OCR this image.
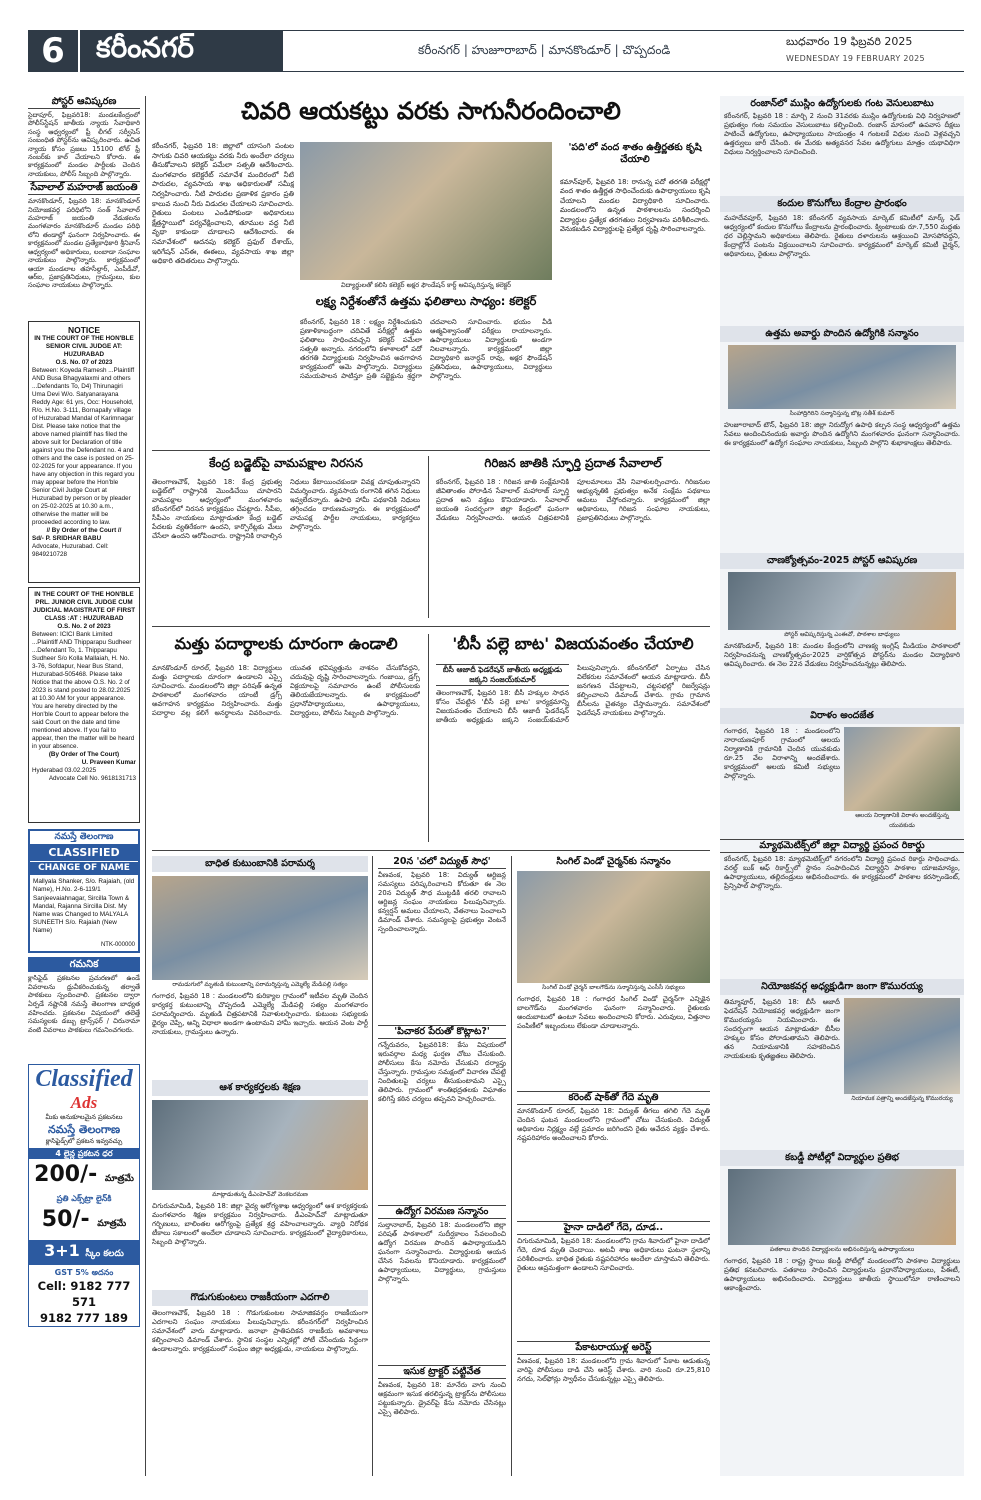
6	కరీంనగర్	కరీంనగర్ | హుజూరాబాద్ | మానకొండూర్ | చొప్పదండి
బుధవారం 19 ఫిబ్రవరి 2025
WEDNESDAY 19 FEBRUARY 2025
పోస్టర్ ఆవిష్కరణ
సైదాపూర్, ఫిబ్రవరి18: మండలకేంద్రంలో పోలీస్‌స్టేషన్ జాతీయ న్యాయ సేవాధికారి సంస్థ ఆధ్వర్యంలో ఫ్రీ లీగల్ సర్వీసెస్ సంబంధిత పోస్టర్‌ను ఆవిష్కరించారు. ఉచిత న్యాయ కోసం ప్రజలు 15100 టోల్ ఫ్రీ నంబర్‌కు కాల్ చేయాలని కోరారు. ఈ కార్యక్రమంలో మండల పార్టీలకు చెందిన నాయకులు, పోలీస్ సిబ్బంది పాల్గొన్నారు.
సేవాలాల్ మహరాజ్ జయంతి
మానకొండూర్, ఫిబ్రవరి 18: మానకొండూర్ నియోజకవర్గ పరిధిలోని సంత్ సేవాలాల్ మహరాజ్ జయంతి వేడుకలను మంగళవారం మానకొండూర్ మండల పరిధి లోని తండాల్లో ఘనంగా నిర్వహించారు. ఈ కార్యక్రమంలో మండల ప్రత్యేకాధికారి శ్రీనివాస్ ఆధ్వర్యంలో అధికారులు, లంబాడా సంఘాల నాయకులు పాల్గొన్నారు. కార్యక్రమంలో ఆయా మండలాల తహసీల్దార్, ఎంపీడీవో, ఆర్‌ఐ, ప్రజాప్రతినిధులు, గ్రామస్తులు, కుల సంఘాల నాయకులు పాల్గొన్నారు.
NOTICE
IN THE COURT OF THE HON'BLE SENIOR CIVIL JUDGE AT: HUZURABAD
O.S. No. 07 of 2023
Between: Koyeda Ramesh ...Plaintiff AND Busa Bhagyalaxmi and others ...Defendants To, D4) Thirunagiri Uma Devi W/o. Satyanarayana Reddy Age: 61 yrs, Occ: Household, R/o. H.No. 3-111, Bornapally village of Huzurabad Mandal of Karimnagar Dist. Please take notice that the above named plaintiff has filed the above suit for Declaration of title against you the Defendant no. 4 and others and the case is posted on 25-02-2025 for your appearance. If you have any objection in this regard you may appear before the Hon'ble Senior Civil Judge Court at Huzurabad by person or by pleader on 25-02-2025 at 10.30 a.m., otherwise the matter will be proceeded according to law.
// By Order of the Court //
Sd/- P. SRIDHAR BABU
Advocate, Huzurabad. Cell: 9849210728
IN THE COURT OF THE HON'BLE PRL. JUNIOR CIVIL JUDGE CUM JUDICIAL MAGISTRATE OF FIRST CLASS :AT : HUZURABAD
O.S. No. 2 of 2023
Between: ICICI Bank Limited ...Plaintiff AND Thipparapu Sudheer ...Defendant To, 1. Thipparapu Sudheer S/o Kolla Mallaiah, H. No. 3-76, Sofdapur, Near Bus Stand, Huzurabad-505468. Please take Notice that the above O.S. No. 2 of 2023 is stand posted to 28.02.2025 at 10.30 AM for your appearance. You are hereby directed by the Hon'ble Court to appear before the said Court on the date and time mentioned above. If you fail to appear, then the matter will be heard in your absence.
(By Order of The Court)
U. Praveen Kumar
Hyderabad 03.02.2025
Advocate Cell No. 9618131713
నమస్తే తెలంగాణ
CLASSIFIED
CHANGE OF NAME
Mallyala Shanker, S/o. Rajaiah, (old Name), H.No. 2-6-119/1 Sanjeevaiahnagar, Sircilla Town & Mandal, Rajanna Sircilla Dist. My Name was Changed to MALYALA SUNEETH S/o. Rajaiah (New Name)
NTK-000000
గమనిక
క్లాసిఫైడ్ ప్రకటనల ప్రచురణలో ఉండే వివరాలను ధ్రువీకరించుకున్న తర్వాతే పాఠకులు స్పందించాలి. ప్రకటనల ద్వారా ఏర్పడే నష్టానికి నమస్తే తెలంగాణ బాధ్యత వహించదు. ప్రకటనల విషయంలో తలెత్తే సమస్యలకు డబ్బు ట్రాన్స్‌ఫర్ / చిరునామా వంటి వివరాలు పాఠకులు గమనించగలరు.
Classified
Ads
మీకు అనుకూలమైన ప్రకటనలు
నమస్తే తెలంగాణ
క్లాసిఫైడ్స్‌లో ప్రకటన ఇవ్వవచ్చు
4 లైన్ల ప్రకటన ధర
200/- మాత్రమే
ప్రతి ఎక్స్‌ట్రా లైన్‌కి
50/- మాత్రమే
3+1 స్కీం కలదు
GST 5% అదనం
Cell: 9182 777 571
9182 777 189
చివరి ఆయకట్టు వరకు సాగునీరందించాలి
కరీంనగర్, ఫిబ్రవరి 18: జిల్లాలో యాసంగి పంటల సాగుకు చివరి ఆయకట్టు వరకు నీరు అందేలా చర్యలు తీసుకోవాలని కలెక్టర్ పమేలా సత్పతి ఆదేశించారు. మంగళవారం కలెక్టరేట్ సమావేశ మందిరంలో నీటి పారుదల, వ్యవసాయ శాఖ అధికారులతో సమీక్ష నిర్వహించారు. నీటి పారుదల ప్రణాళిక ప్రకారం ప్రతి కాలువ నుంచి నీరు విడుదల చేయాలని సూచించారు. రైతులు పంటలు ఎండిపోకుండా అధికారులు క్షేత్రస్థాయిలో పర్యవేక్షించాలని, తూముల వద్ద నీటి వృథా కాకుండా చూడాలని ఆదేశించారు. ఈ సమావేశంలో అదనపు కలెక్టర్ ప్రఫుల్ దేశాయ్, ఇరిగేషన్ ఎస్‌ఈ, ఈఈలు, వ్యవసాయ శాఖ జిల్లా అధికారి తదితరులు పాల్గొన్నారు.
విద్యార్థులతో కలిసి కలెక్టర్ అక్షర ఫౌండేషన్ కార్డ్ ఆవిష్కరిస్తున్న కలెక్టర్
లక్ష్య నిర్దేశంతోనే ఉత్తమ ఫలితాలు సాధ్యం: కలెక్టర్
కరీంనగర్, ఫిబ్రవరి 18 : లక్ష్యం నిర్దేశించుకుని ప్రణాళికాబద్ధంగా చదివితే పరీక్షల్లో ఉత్తమ ఫలితాలు సాధించవచ్చని కలెక్టర్ పమేలా సత్పతి అన్నారు. నగరంలోని కళాశాలలో పదో తరగతి విద్యార్థులకు నిర్వహించిన అవగాహన కార్యక్రమంలో ఆమె పాల్గొన్నారు. విద్యార్థులు సమయపాలన పాటిస్తూ ప్రతి సబ్జెక్టును శ్రద్ధగా చదవాలని సూచించారు. భయం వీడి ఆత్మవిశ్వాసంతో పరీక్షలు రాయాలన్నారు. ఉపాధ్యాయులు విద్యార్థులకు అండగా నిలవాలన్నారు. కార్యక్రమంలో జిల్లా విద్యాధికారి జనార్దన్ రావు, అక్షర ఫౌండేషన్ ప్రతినిధులు, ఉపాధ్యాయులు, విద్యార్థులు పాల్గొన్నారు.
'పది'లో వంద శాతం ఉత్తీర్ణతకు కృషి చేయాలి
కమాన్‌పూర్, ఫిబ్రవరి 18: రానున్న పదో తరగతి పరీక్షల్లో వంద శాతం ఉత్తీర్ణత సాధించేందుకు ఉపాధ్యాయులు కృషి చేయాలని మండల విద్యాధికారి సూచించారు. మండలంలోని ఉన్నత పాఠశాలలను సందర్శించి విద్యార్థుల ప్రత్యేక తరగతుల నిర్వహణను పరిశీలించారు. వెనుకబడిన విద్యార్థులపై ప్రత్యేక దృష్టి సారించాలన్నారు.
కేంద్ర బడ్జెట్‌పై వామపక్షాల నిరసన
తెలంగాణచౌక్, ఫిబ్రవరి 18: కేంద్ర ప్రభుత్వ బడ్జెట్‌లో రాష్ట్రానికి మొండిచేయి చూపారని వామపక్షాల ఆధ్వర్యంలో మంగళవారం కరీంనగర్‌లో నిరసన కార్యక్రమం చేపట్టారు. సీపీఐ, సీపీఎం నాయకులు మాట్లాడుతూ కేంద్ర బడ్జెట్ పేదలకు వ్యతిరేకంగా ఉందని, కార్పొరేట్లకు మేలు చేసేలా ఉందని ఆరోపించారు. రాష్ట్రానికి రావాల్సిన నిధులు కేటాయించకుండా వివక్ష చూపుతున్నారని విమర్శించారు. వ్యవసాయ రంగానికి తగిన నిధులు ఇవ్వలేదన్నారు. ఉపాధి హామీ పథకానికి నిధులు తగ్గించడం దారుణమన్నారు. ఈ కార్యక్రమంలో వామపక్ష పార్టీల నాయకులు, కార్యకర్తలు పాల్గొన్నారు.
గిరిజన జాతికి స్ఫూర్తి ప్రదాత సేవాలాల్
కరీంనగర్, ఫిబ్రవరి 18 : గిరిజన జాతి సంక్షేమానికి జీవితాంతం పోరాడిన సేవాలాల్ మహారాజ్ స్ఫూర్తి ప్రదాత అని వక్తలు కొనియాడారు. సేవాలాల్ జయంతి సందర్భంగా జిల్లా కేంద్రంలో ఘనంగా వేడుకలు నిర్వహించారు. ఆయన చిత్రపటానికి పూలమాలలు వేసి నివాళులర్పించారు. గిరిజనుల అభ్యున్నతికి ప్రభుత్వం అనేక సంక్షేమ పథకాలు అమలు చేస్తోందన్నారు. కార్యక్రమంలో జిల్లా అధికారులు, గిరిజన సంఘాల నాయకులు, ప్రజాప్రతినిధులు పాల్గొన్నారు.
మత్తు పదార్థాలకు దూరంగా ఉండాలి
మానకొండూర్ రూరల్, ఫిబ్రవరి 18: విద్యార్థులు మత్తు పదార్థాలకు దూరంగా ఉండాలని ఎస్సై సూచించారు. మండలంలోని జిల్లా పరిషత్ ఉన్నత పాఠశాలలో మంగళవారం యాంటీ డ్రగ్స్ అవగాహన కార్యక్రమం నిర్వహించారు. మత్తు పదార్థాల వల్ల కలిగే అనర్థాలను వివరించారు. యువత భవిష్యత్తును నాశనం చేసుకోవద్దని, చదువుపై దృష్టి సారించాలన్నారు. గంజాయి, డ్రగ్స్ విక్రయాలపై సమాచారం ఉంటే పోలీసులకు తెలియజేయాలన్నారు. ఈ కార్యక్రమంలో ప్రధానోపాధ్యాయులు, ఉపాధ్యాయులు, విద్యార్థులు, పోలీసు సిబ్బంది పాల్గొన్నారు.
'బీసీ పల్లె బాట' విజయవంతం చేయాలి
బీసీ ఆజాదీ ఫెడరేషన్ జాతీయ అధ్యక్షుడు జక్కని సంజయ్‌కుమార్
తెలంగాణచౌక్, ఫిబ్రవరి 18: బీసీ హక్కుల సాధన కోసం చేపట్టిన 'బీసీ పల్లె బాట' కార్యక్రమాన్ని విజయవంతం చేయాలని బీసీ ఆజాదీ ఫెడరేషన్ జాతీయ అధ్యక్షుడు జక్కని సంజయ్‌కుమార్ పిలుపునిచ్చారు. కరీంనగర్‌లో ఏర్పాటు చేసిన విలేకరుల సమావేశంలో ఆయన మాట్లాడారు. బీసీ జనగణన చేపట్టాలని, చట్టసభల్లో రిజర్వేషన్లు కల్పించాలని డిమాండ్ చేశారు. గ్రామ గ్రామాన బీసీలను చైతన్యం చేస్తామన్నారు. సమావేశంలో ఫెడరేషన్ నాయకులు పాల్గొన్నారు.
బాధిత కుటుంబానికి పరామర్శ
రామడుగులో మృతుడి కుటుంబాన్ని పరామర్శిస్తున్న ఎమ్మెల్యే మేడిపల్లి సత్యం
గంగాధర, ఫిబ్రవరి 18 : మండలంలోని కురిక్యాల గ్రామంలో ఇటీవల మృతి చెందిన కార్యకర్త కుటుంబాన్ని చొప్పదండి ఎమ్మెల్యే మేడిపల్లి సత్యం మంగళవారం పరామర్శించారు. మృతుడి చిత్రపటానికి నివాళులర్పించారు. కుటుంబ సభ్యులకు ధైర్యం చెప్పి, అన్ని విధాలా అండగా ఉంటామని హామీ ఇచ్చారు. ఆయన వెంట పార్టీ నాయకులు, గ్రామస్తులు ఉన్నారు.
ఆశ కార్యకర్తలకు శిక్షణ
మాట్లాడుతున్న డీఎంహెచ్‌వో వెంకటరమణ
చిగురుమామిడి, ఫిబ్రవరి 18: జిల్లా వైద్య ఆరోగ్యశాఖ ఆధ్వర్యంలో ఆశ కార్యకర్తలకు మంగళవారం శిక్షణ కార్యక్రమం నిర్వహించారు. డీఎంహెచ్‌వో మాట్లాడుతూ గర్భిణులు, బాలింతల ఆరోగ్యంపై ప్రత్యేక శ్రద్ధ వహించాలన్నారు. వ్యాధి నిరోధక టీకాలు సకాలంలో అందేలా చూడాలని సూచించారు. కార్యక్రమంలో వైద్యాధికారులు, సిబ్బంది పాల్గొన్నారు.
గొడుగుకుంటలు రాజకీయంగా ఎదగాలి
తెలంగాణచౌక్, ఫిబ్రవరి 18 : గొడుగుకుంటల సామాజికవర్గం రాజకీయంగా ఎదగాలని సంఘం నాయకులు పిలుపునిచ్చారు. కరీంనగర్‌లో నిర్వహించిన సమావేశంలో వారు మాట్లాడారు. జనాభా ప్రాతిపదికన రాజకీయ అవకాశాలు కల్పించాలని డిమాండ్ చేశారు. స్థానిక సంస్థల ఎన్నికల్లో పోటీ చేసేందుకు సిద్ధంగా ఉండాలన్నారు. కార్యక్రమంలో సంఘం జిల్లా అధ్యక్షుడు, నాయకులు పాల్గొన్నారు.
20న 'చలో విద్యుత్ సౌధ'
వీణవంక, ఫిబ్రవరి 18: విద్యుత్ ఆర్టిజన్ల సమస్యలు పరిష్కరించాలని కోరుతూ ఈ నెల 20న విద్యుత్ సౌధ ముట్టడికి తరలి రావాలని ఆర్టిజన్ల సంఘం నాయకులు పిలుపునిచ్చారు. కన్వర్షన్ అమలు చేయాలని, వేతనాలు పెంచాలని డిమాండ్ చేశారు. సమస్యలపై ప్రభుత్వం వెంటనే స్పందించాలన్నారు.
'పిచాకర పేరుతో కొట్లాట?'
గన్నేరువరం, ఫిబ్రవరి18: కేసు విషయంలో ఇరువర్గాల మధ్య ఘర్షణ చోటు చేసుకుంది. పోలీసులు కేసు నమోదు చేసుకుని దర్యాప్తు చేస్తున్నారు. గ్రామస్తుల సమక్షంలో విచారణ చేపట్టి నిందితులపై చర్యలు తీసుకుంటామని ఎస్సై తెలిపారు. గ్రామంలో శాంతిభద్రతలకు విఘాతం కలిగిస్తే కఠిన చర్యలు తప్పవని హెచ్చరించారు.
ఉద్యోగ విరమణ సన్మానం
సుల్తానాబాద్, ఫిబ్రవరి 18: మండలంలోని జిల్లా పరిషత్ పాఠశాలలో సుదీర్ఘకాలం సేవలందించి ఉద్యోగ విరమణ పొందిన ఉపాధ్యాయుడిని ఘనంగా సన్మానించారు. విద్యార్థులకు ఆయన చేసిన సేవలను కొనియాడారు. కార్యక్రమంలో ఉపాధ్యాయులు, విద్యార్థులు, గ్రామస్తులు పాల్గొన్నారు.
ఇసుక ట్రాక్టర్ పట్టివేత
వీణవంక, ఫిబ్రవరి 18: మానేరు వాగు నుంచి అక్రమంగా ఇసుక తరలిస్తున్న ట్రాక్టర్‌ను పోలీసులు పట్టుకున్నారు. డ్రైవర్‌పై కేసు నమోదు చేసినట్లు ఎస్సై తెలిపారు.
సింగిల్ విండో చైర్మన్‌కు సన్మానం
సింగిల్ విండో చైర్మన్ బాలగౌడ్‌ను సన్మానిస్తున్న ఎంసీసీ సభ్యులు
గంగాధర, ఫిబ్రవరి 18 : గంగాధర సింగిల్ విండో చైర్మన్‌గా ఎన్నికైన బాలగౌడ్‌ను మంగళవారం ఘనంగా సన్మానించారు. రైతులకు అందుబాటులో ఉంటూ సేవలు అందించాలని కోరారు. ఎరువులు, విత్తనాల పంపిణీలో ఇబ్బందులు లేకుండా చూడాలన్నారు.
కరెంట్ షాక్‌తో గేదె మృతి
మానకొండూర్ రూరల్, ఫిబ్రవరి 18: విద్యుత్ తీగలు తగిలి గేదె మృతి చెందిన ఘటన మండలంలోని గ్రామంలో చోటు చేసుకుంది. విద్యుత్ అధికారుల నిర్లక్ష్యం వల్లే ప్రమాదం జరిగిందని రైతు ఆవేదన వ్యక్తం చేశారు. నష్టపరిహారం అందించాలని కోరారు.
హైనా దాడిలో గేదె, దూడ..
చిగురుమామిడి, ఫిబ్రవరి 18: మండలంలోని గ్రామ శివారులో హైనా దాడిలో గేదె, దూడ మృతి చెందాయి. అటవీ శాఖ అధికారులు ఘటనా స్థలాన్ని పరిశీలించారు. బాధిత రైతుకు నష్టపరిహారం అందేలా చూస్తామని తెలిపారు. రైతులు అప్రమత్తంగా ఉండాలని సూచించారు.
పేకాటరాయుళ్ల అరెస్ట్
వీణవంక, ఫిబ్రవరి 18: మండలంలోని గ్రామ శివారులో పేకాట ఆడుతున్న వారిపై పోలీసులు దాడి చేసి అరెస్ట్ చేశారు. వారి నుంచి రూ.25,810 నగదు, సెల్‌ఫోన్లు స్వాధీనం చేసుకున్నట్లు ఎస్సై తెలిపారు.
రంజాన్‌లో ముస్లిం ఉద్యోగులకు గంట వెసులుబాటు
కరీంనగర్, ఫిబ్రవరి 18 : మార్చి 2 నుంచి 31వరకు ముస్లిం ఉద్యోగులకు విధి నిర్వహణలో ప్రభుత్వం గంట సమయం వెసులుబాటు కల్పించింది. రంజాన్ మాసంలో ఉపవాస దీక్షలు పాటించే ఉద్యోగులు, ఉపాధ్యాయులు సాయంత్రం 4 గంటలకే విధుల నుంచి వెళ్లవచ్చని ఉత్తర్వులు జారీ చేసింది. ఈ మేరకు అత్యవసర సేవల ఉద్యోగులు మాత్రం యథావిధిగా విధులు నిర్వర్తించాలని సూచించింది.
కందుల కొనుగోలు కేంద్రాల ప్రారంభం
మహదేవపూర్, ఫిబ్రవరి 18: కరీంనగర్ వ్యవసాయ మార్కెట్ కమిటీలో మార్క్ ఫెడ్ ఆధ్వర్యంలో కందుల కొనుగోలు కేంద్రాలను ప్రారంభించారు. క్వింటాలుకు రూ.7,550 మద్దతు ధర చెల్లిస్తామని అధికారులు తెలిపారు. రైతులు దళారులను ఆశ్రయించి మోసపోవద్దని, కేంద్రాల్లోనే పంటను విక్రయించాలని సూచించారు. కార్యక్రమంలో మార్కెట్ కమిటీ చైర్మన్, అధికారులు, రైతులు పాల్గొన్నారు.
ఉత్తమ అవార్డు పొందిన ఉద్యోగికి సన్మానం
సింహాద్రిగిరిని సన్మానిస్తున్న బొట్ల సతీశ్ కుమార్
హుజూరాబాద్ టౌన్, ఫిబ్రవరి 18: జిల్లా నిరుద్యోగ ఉపాధి కల్పన సంస్థ ఆధ్వర్యంలో ఉత్తమ సేవలు అందించినందుకు అవార్డు పొందిన ఉద్యోగిని మంగళవారం ఘనంగా సన్మానించారు. ఈ కార్యక్రమంలో ఉద్యోగ సంఘాల నాయకులు, సిబ్బంది పాల్గొని శుభాకాంక్షలు తెలిపారు.
చాణక్యోత్సవం-2025 పోస్టర్ ఆవిష్కరణ
పోస్టర్ ఆవిష్కరిస్తున్న ఎంఈవో, పాఠశాల బాధ్యులు
మానకొండూర్, ఫిబ్రవరి 18: మండల కేంద్రంలోని చాణక్య ఇంగ్లిష్ మీడియం పాఠశాలలో నిర్వహించనున్న చాణక్యోత్సవం-2025 వార్షికోత్సవ పోస్టర్‌ను మండల విద్యాధికారి ఆవిష్కరించారు. ఈ నెల 22న వేడుకలు నిర్వహించనున్నట్లు తెలిపారు.
విరాళం అందజేత
గంగాధర, ఫిబ్రవరి 18 : మండలంలోని నారాయణపూర్ గ్రామంలో ఆలయ నిర్మాణానికి గ్రామానికి చెందిన యువకుడు రూ.25 వేల విరాళాన్ని అందజేశారు. కార్యక్రమంలో ఆలయ కమిటీ సభ్యులు పాల్గొన్నారు.
ఆలయ నిర్మాణానికి విరాళం అందజేస్తున్న యువకుడు
మ్యాథమెటిక్స్‌లో జిల్లా విద్యార్థి ప్రపంచ రికార్డు
కరీంనగర్, ఫిబ్రవరి 18: మ్యాథమెటిక్స్‌లో నగరంలోని విద్యార్థి ప్రపంచ రికార్డు సాధించాడు. వరల్డ్ బుక్ ఆఫ్ రికార్డ్స్‌లో స్థానం సంపాదించిన విద్యార్థిని పాఠశాల యాజమాన్యం, ఉపాధ్యాయులు, తల్లిదండ్రులు అభినందించారు. ఈ కార్యక్రమంలో పాఠశాల కరస్పాండెంట్, ప్రిన్సిపాల్ పాల్గొన్నారు.
నియోజకవర్గ అధ్యక్షుడిగా జంగా కొమురయ్య
తిమ్మాపూర్, ఫిబ్రవరి 18: బీసీ ఆజాదీ ఫెడరేషన్ నియోజకవర్గ అధ్యక్షుడిగా జంగా కొమురయ్యను నియమించారు. ఈ సందర్భంగా ఆయన మాట్లాడుతూ బీసీల హక్కుల కోసం పోరాడుతామని తెలిపారు. తన నియామకానికి సహకరించిన నాయకులకు కృతజ్ఞతలు తెలిపారు.
నియామక పత్రాన్ని అందజేస్తున్న కొమురయ్య
కబడ్డీ పోటీల్లో విద్యార్థుల ప్రతిభ
పతకాలు పొందిన విద్యార్థులను అభినందిస్తున్న ఉపాధ్యాయులు
గంగాధర, ఫిబ్రవరి 18 : రాష్ట్ర స్థాయి కబడ్డీ పోటీల్లో మండలంలోని పాఠశాల విద్యార్థులు ప్రతిభ కనబరిచారు. పతకాలు సాధించిన విద్యార్థులను ప్రధానోపాధ్యాయులు, పీఈటీ, ఉపాధ్యాయులు అభినందించారు. విద్యార్థులు జాతీయ స్థాయిలోనూ రాణించాలని ఆకాంక్షించారు.
